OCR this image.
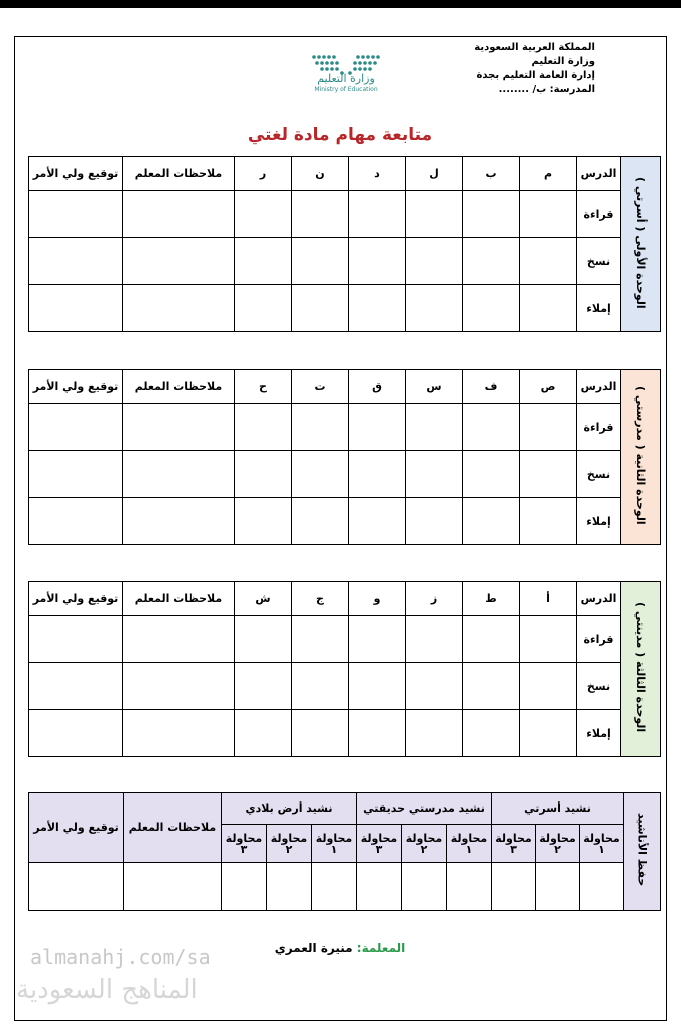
المملكة العربية السعودية
وزارة التعليم
إدارة العامة التعليم بجدة
المدرسة: ب/ ........
وزارة التعليم
Ministry of Education
متابعة مهام مادة لغتي
توقيع ولي الأمر	ملاحظات المعلم	ر	ن	د	ل	ب	م	الدرس	الوحدة الأولى ( أسرتي )
								قراءة	
								نسخ	
								إملاء	
توقيع ولي الأمر	ملاحظات المعلم	ح	ت	ق	س	ف	ص	الدرس	الوحدة الثانية ( مدرستي )
								قراءة	
								نسخ	
								إملاء	
توقيع ولي الأمر	ملاحظات المعلم	ش	ج	و	ز	ط	أ	الدرس	الوحدة الثالثة ( مدينتي )
								قراءة	
								نسخ	
								إملاء	
توقيع ولي الأمر	ملاحظات المعلم	نشيد أرض بلادي			نشيد مدرستي حديقتي			نشيد أسرتي			حفظ الأناشيد
		محاولة ٣	محاولة ٢	محاولة ١	محاولة ٣	محاولة ٢	محاولة ١	محاولة ٣	محاولة ٢	محاولة ١	

المعلمة: منيرة العمري
almanahj.com/sa
المناهج السعودية
